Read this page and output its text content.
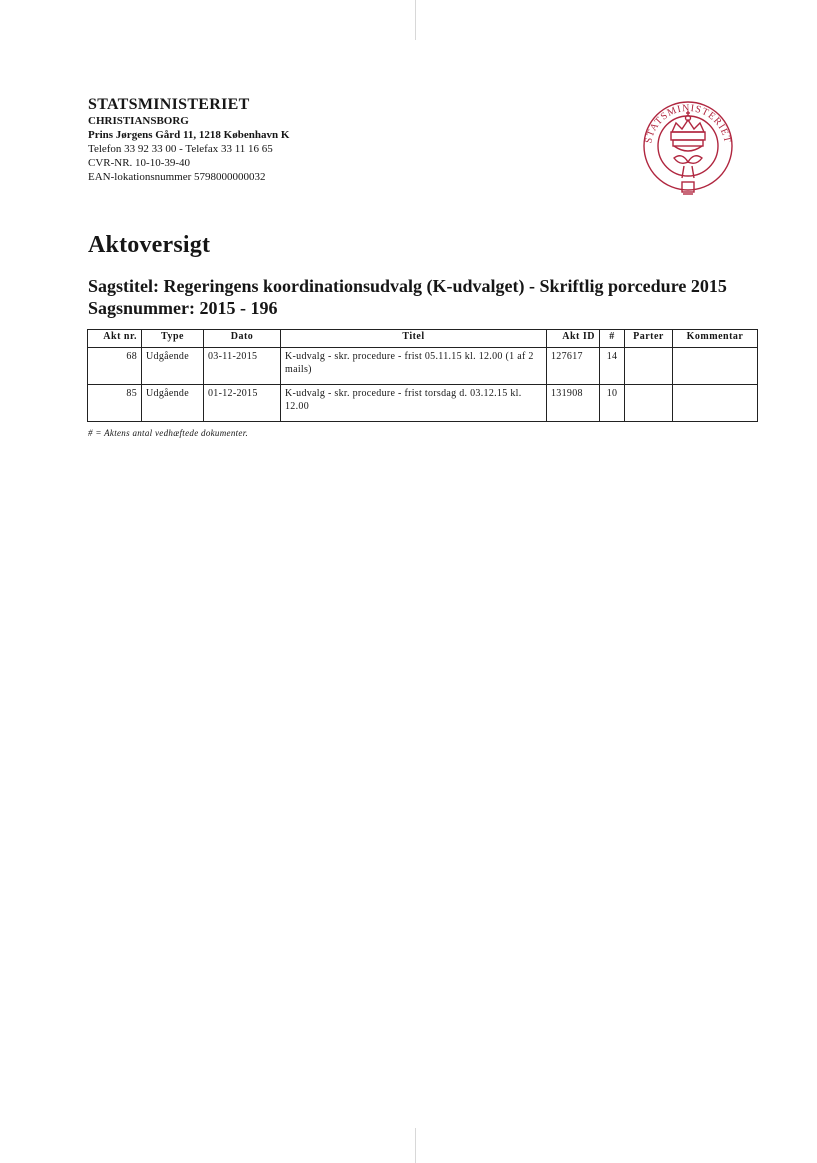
STATSMINISTERIET
CHRISTIANSBORG
Prins Jørgens Gård 11, 1218 København K
Telefon 33 92 33 00 - Telefax 33 11 16 65
CVR-NR. 10-10-39-40
EAN-lokationsnummer 5798000000032
STATSMINISTERIET
Aktoversigt
Sagstitel: Regeringens koordinationsudvalg (K-udvalget) - Skriftlig porcedure 2015
Sagsnummer: 2015 - 196
Akt nr.	Type	Dato	Titel	Akt ID	#	Parter	Kommentar
68	Udgående	03-11-2015	K-udvalg - skr. procedure - frist 05.11.15 kl. 12.00 (1 af 2 mails)	127617	14		
85	Udgående	01-12-2015	K-udvalg - skr. procedure - frist torsdag d. 03.12.15 kl. 12.00	131908	10		
# = Aktens antal vedhæftede dokumenter.
